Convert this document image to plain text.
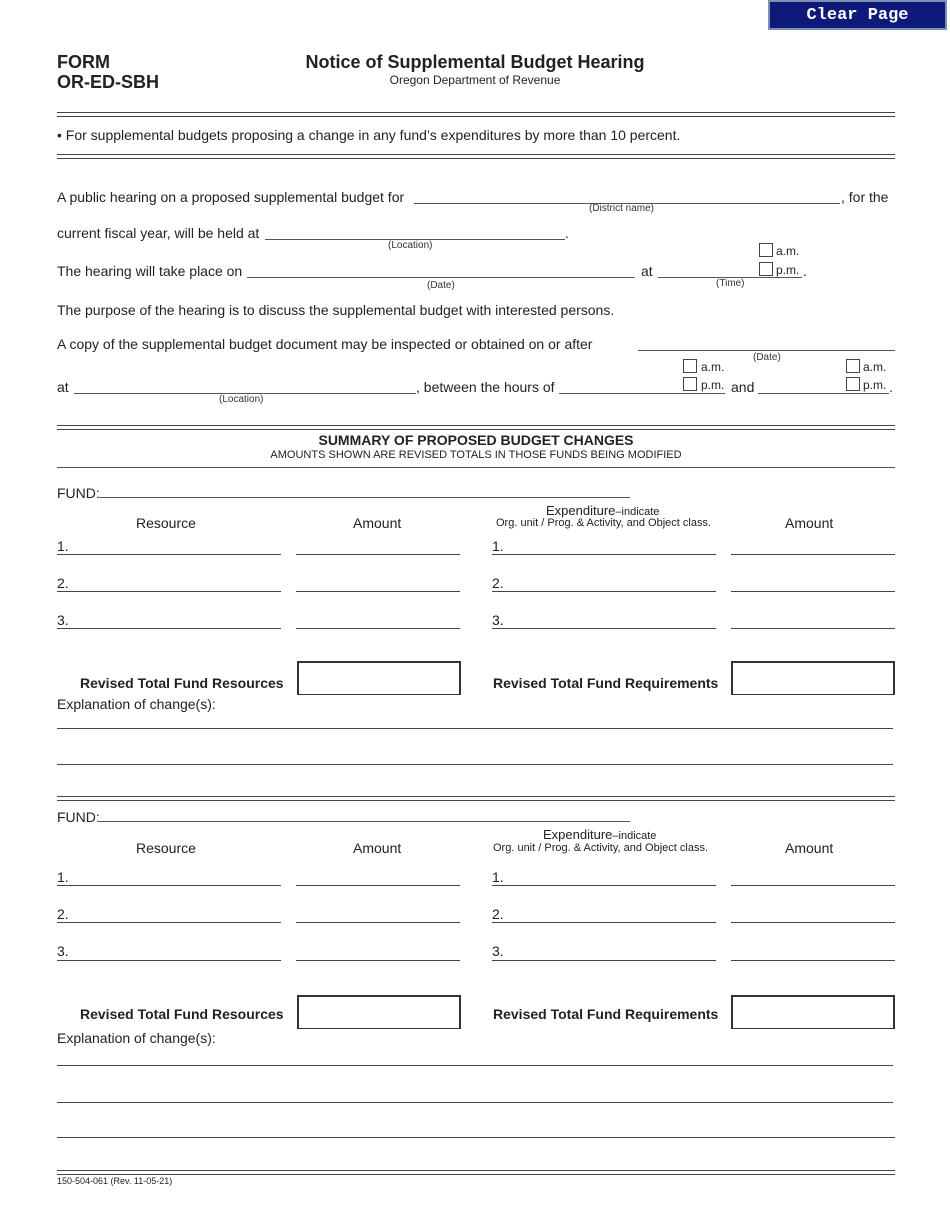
Clear Page
FORM
OR-ED-SBH
Notice of Supplemental Budget Hearing
Oregon Department of Revenue
• For supplemental budgets proposing a change in any fund’s expenditures by more than 10 percent.
A public hearing on a proposed supplemental budget for	, for the
(District name)
current fiscal year, will be held at	.
(Location)
The hearing will take place on	at
(Date)	(Time)
a.m.
p.m. .
The purpose of the hearing is to discuss the supplemental budget with interested persons.
A copy of the supplemental budget document may be inspected or obtained on or after
(Date)
at	, between the hours of
(Location)
a.m.
p.m. and
a.m.
p.m. .
SUMMARY OF PROPOSED BUDGET CHANGES
AMOUNTS SHOWN ARE REVISED TOTALS IN THOSE FUNDS BEING MODIFIED
FUND:
Resource	Amount
Expenditure–indicate
Org. unit / Prog. & Activity, and Object class.	Amount
1.	1.
2.	2.
3.	3.
Revised Total Fund Resources	Revised Total Fund Requirements
Explanation of change(s):
FUND:
Resource	Amount
Expenditure–indicate
Org. unit / Prog. & Activity, and Object class.	Amount
1.	1.
2.	2.
3.	3.
Revised Total Fund Resources	Revised Total Fund Requirements
Explanation of change(s):
150-504-061 (Rev. 11-05-21)
